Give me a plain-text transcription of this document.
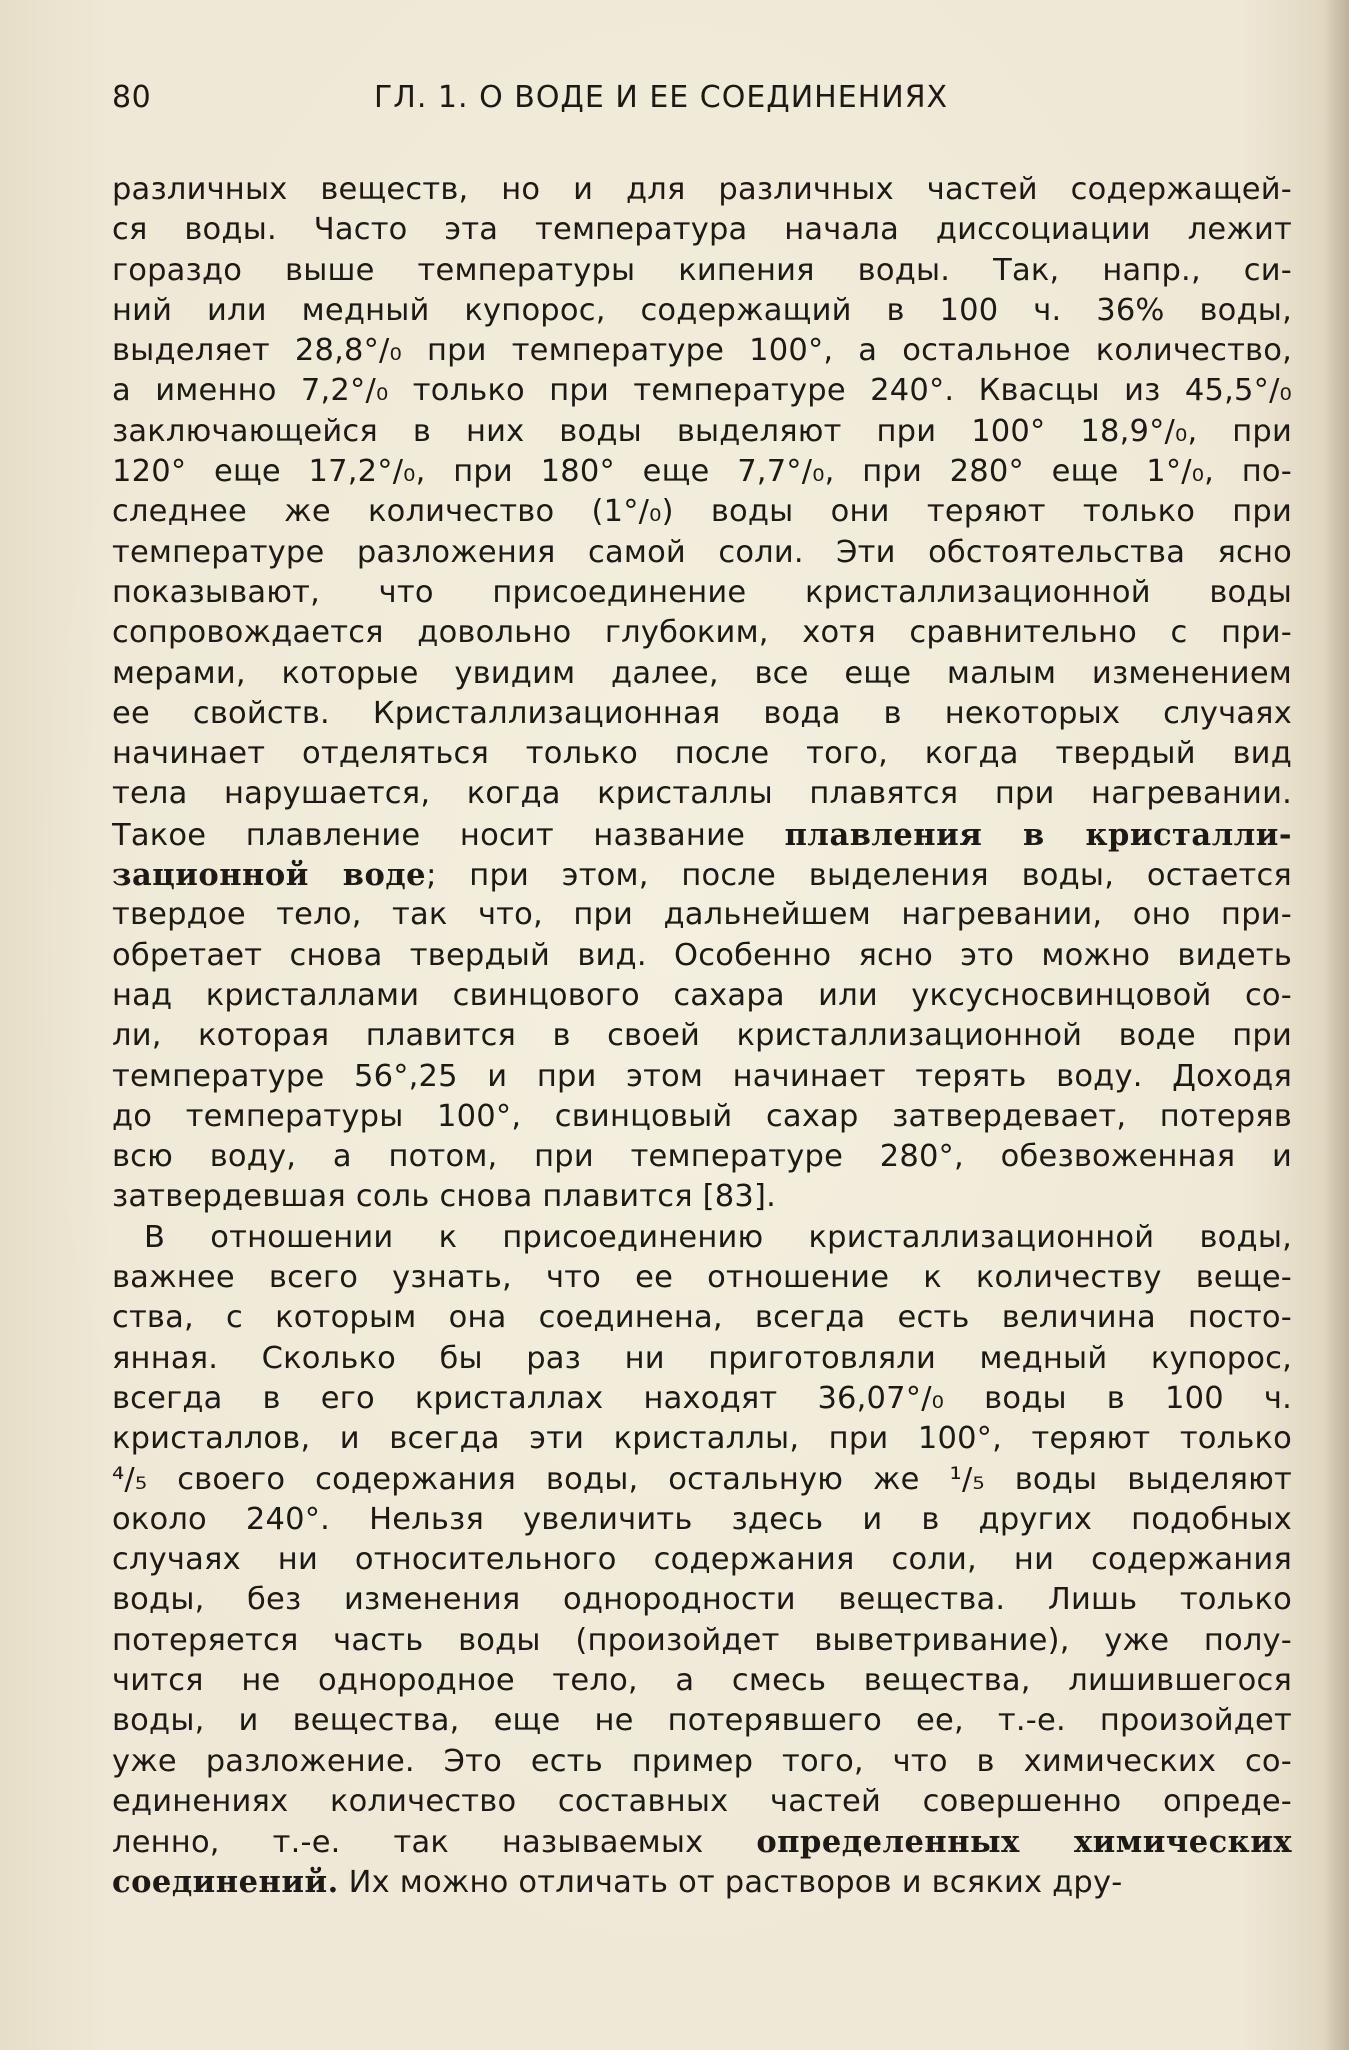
80	ГЛ. 1. О ВОДЕ И ЕЕ СОЕДИНЕНИЯХ
различных веществ, но и для различных частей содержащей-
ся воды. Часто эта температура начала диссоциации лежит
гораздо выше температуры кипения воды. Так, напр., си-
ний или медный купорос, содержащий в 100 ч. 36% воды,
выделяет 28,8°/₀ при температуре 100°, а остальное количество,
а именно 7,2°/₀ только при температуре 240°. Квасцы из 45,5°/₀
заключающейся в них воды выделяют при 100° 18,9°/₀, при
120° еще 17,2°/₀, при 180° еще 7,7°/₀, при 280° еще 1°/₀, по-
следнее же количество (1°/₀) воды они теряют только при
температуре разложения самой соли. Эти обстоятельства ясно
показывают, что присоединение кристаллизационной воды
сопровождается довольно глубоким, хотя сравнительно с при-
мерами, которые увидим далее, все еще малым изменением
ее свойств. Кристаллизационная вода в некоторых случаях
начинает отделяться только после того, когда твердый вид
тела нарушается, когда кристаллы плавятся при нагревании.
Такое плавление носит название плавления в кристалли-
зационной воде; при этом, после выделения воды, остается
твердое тело, так что, при дальнейшем нагревании, оно при-
обретает снова твердый вид. Особенно ясно это можно видеть
над кристаллами свинцового сахара или уксусносвинцовой со-
ли, которая плавится в своей кристаллизационной воде при
температуре 56°,25 и при этом начинает терять воду. Доходя
до температуры 100°, свинцовый сахар затвердевает, потеряв
всю воду, а потом, при температуре 280°, обезвоженная и
затвердевшая соль снова плавится [83].
В отношении к присоединению кристаллизационной воды,
важнее всего узнать, что ее отношение к количеству веще-
ства, с которым она соединена, всегда есть величина посто-
янная. Сколько бы раз ни приготовляли медный купорос,
всегда в его кристаллах находят 36,07°/₀ воды в 100 ч.
кристаллов, и всегда эти кристаллы, при 100°, теряют только
⁴/₅ своего содержания воды, остальную же ¹/₅ воды выделяют
около 240°. Нельзя увеличить здесь и в других подобных
случаях ни относительного содержания соли, ни содержания
воды, без изменения однородности вещества. Лишь только
потеряется часть воды (произойдет выветривание), уже полу-
чится не однородное тело, а смесь вещества, лишившегося
воды, и вещества, еще не потерявшего ее, т.-е. произойдет
уже разложение. Это есть пример того, что в химических со-
единениях количество составных частей совершенно опреде-
ленно, т.-е. так называемых определенных химических
соединений. Их можно отличать от растворов и всяких дру-
